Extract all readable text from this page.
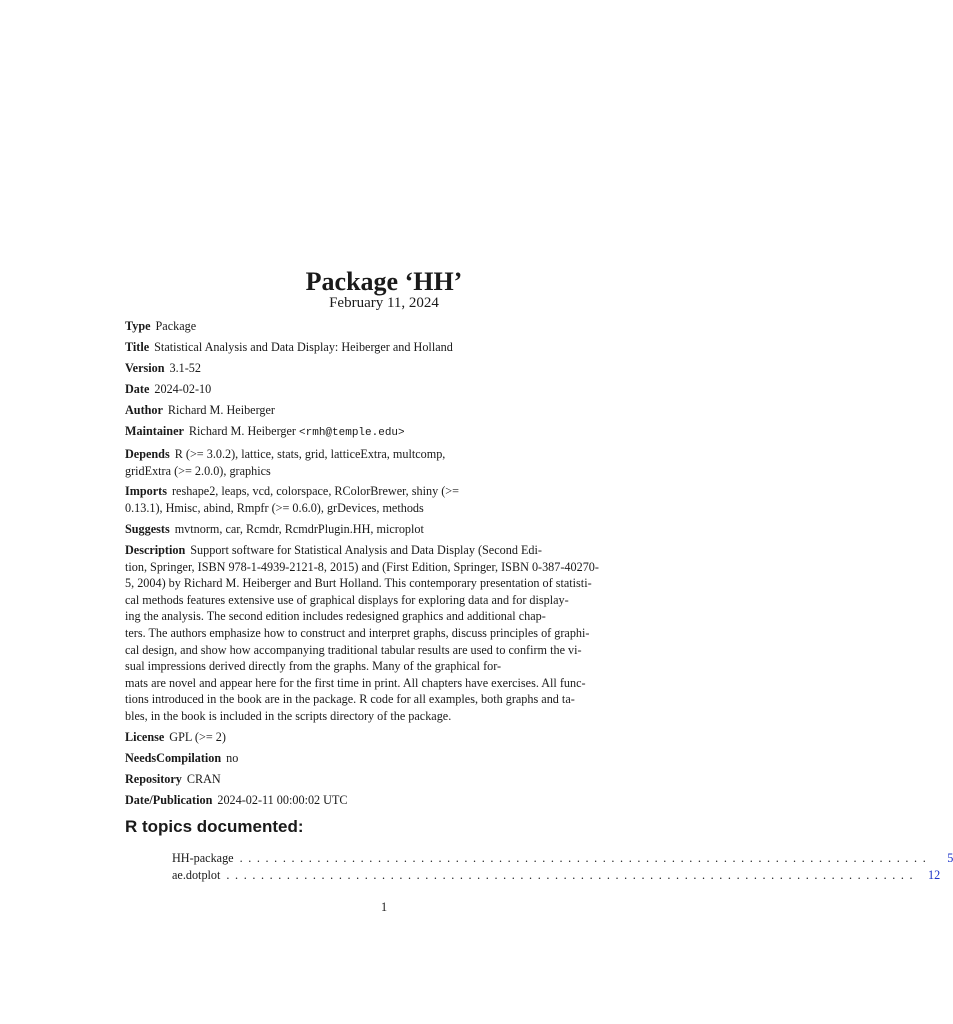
Package ‘HH’
February 11, 2024
Type Package
Title Statistical Analysis and Data Display: Heiberger and Holland
Version 3.1-52
Date 2024-02-10
Author Richard M. Heiberger
Maintainer Richard M. Heiberger <rmh@temple.edu>
Depends R (>= 3.0.2), lattice, stats, grid, latticeExtra, multcomp,
gridExtra (>= 2.0.0), graphics
Imports reshape2, leaps, vcd, colorspace, RColorBrewer, shiny (>=
0.13.1), Hmisc, abind, Rmpfr (>= 0.6.0), grDevices, methods
Suggests mvtnorm, car, Rcmdr, RcmdrPlugin.HH, microplot
Description Support software for Statistical Analysis and Data Display (Second Edi-
tion, Springer, ISBN 978-1-4939-2121-8, 2015) and (First Edition, Springer, ISBN 0-387-40270-
5, 2004) by Richard M. Heiberger and Burt Holland. This contemporary presentation of statisti-
cal methods features extensive use of graphical displays for exploring data and for display-
ing the analysis. The second edition includes redesigned graphics and additional chap-
ters. The authors emphasize how to construct and interpret graphs, discuss principles of graphi-
cal design, and show how accompanying traditional tabular results are used to confirm the vi-
sual impressions derived directly from the graphs. Many of the graphical for-
mats are novel and appear here for the first time in print. All chapters have exercises. All func-
tions introduced in the book are in the package. R code for all examples, both graphs and ta-
bles, in the book is included in the scripts directory of the package.
License GPL (>= 2)
NeedsCompilation no
Repository CRAN
Date/Publication 2024-02-11 00:00:02 UTC
R topics documented:
HH-package ................................................................................	5
ae.dotplot ................................................................................ 12
1
